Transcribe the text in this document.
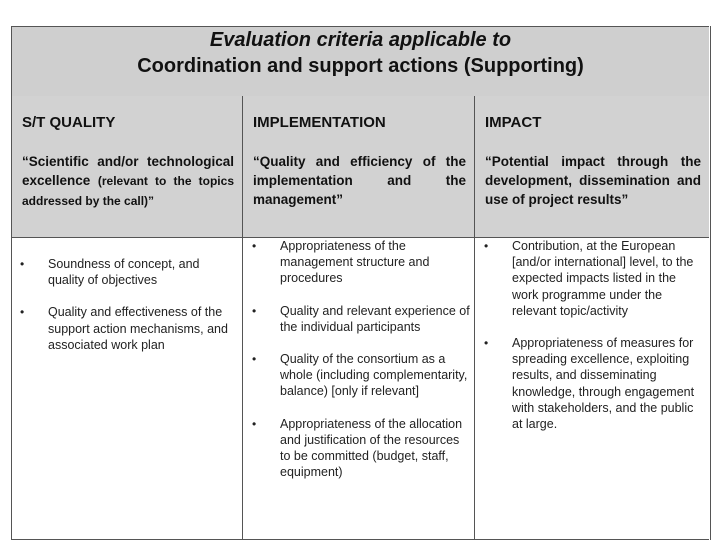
Evaluation criteria applicable to
Coordination and support actions (Supporting)
S/T QUALITY
“Scientific and/or technological excellence (relevant to the topics addressed by the call)”
IMPLEMENTATION
“Quality and efficiency of the implementation and the management”
IMPACT
“Potential impact through the development, dissemination and use of project results”
• Soundness of concept, and quality of objectives
• Quality and effectiveness of the support action mechanisms, and associated work plan
• Appropriateness of the management structure and procedures
• Quality and relevant experience of the individual participants
• Quality of the consortium as a whole (including complementarity, balance) [only if relevant]
• Appropriateness of the allocation and justification of the resources to be committed (budget, staff, equipment)
• Contribution, at the European [and/or international] level, to the expected impacts listed in the work programme under the relevant topic/activity
• Appropriateness of measures for spreading excellence, exploiting results, and disseminating knowledge, through engagement with stakeholders, and the public at large.
